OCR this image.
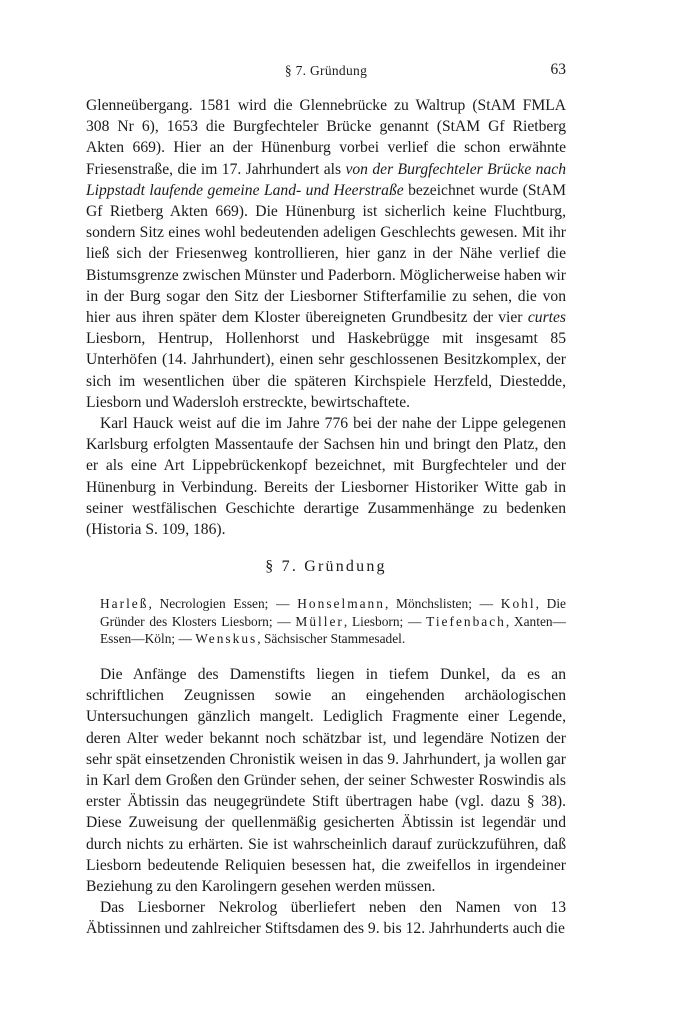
§ 7. Gründung	63

Glenneübergang. 1581 wird die Glennebrücke zu Waltrup (StAM FMLA 308 Nr 6), 1653 die Burgfechteler Brücke genannt (StAM Gf Rietberg Akten 669). Hier an der Hünenburg vorbei verlief die schon erwähnte Friesenstraße, die im 17. Jahrhundert als von der Burgfechteler Brücke nach Lippstadt laufende gemeine Land- und Heerstraße bezeichnet wurde (StAM Gf Rietberg Akten 669). Die Hünenburg ist sicherlich keine Fluchtburg, sondern Sitz eines wohl bedeutenden adeligen Geschlechts gewesen. Mit ihr ließ sich der Friesenweg kontrollieren, hier ganz in der Nähe verlief die Bistumsgrenze zwischen Münster und Paderborn. Möglicherweise haben wir in der Burg sogar den Sitz der Liesborner Stifterfamilie zu sehen, die von hier aus ihren später dem Kloster übereigneten Grundbesitz der vier curtes Liesborn, Hentrup, Hollenhorst und Haskebrügge mit insgesamt 85 Unterhöfen (14. Jahrhundert), einen sehr geschlossenen Besitzkomplex, der sich im wesentlichen über die späteren Kirchspiele Herzfeld, Diestedde, Liesborn und Wadersloh erstreckte, bewirtschaftete.

Karl Hauck weist auf die im Jahre 776 bei der nahe der Lippe gelegenen Karlsburg erfolgten Massentaufe der Sachsen hin und bringt den Platz, den er als eine Art Lippebrückenkopf bezeichnet, mit Burgfechteler und der Hünenburg in Verbindung. Bereits der Liesborner Historiker Witte gab in seiner westfälischen Geschichte derartige Zusammenhänge zu bedenken (Historia S. 109, 186).

§ 7. Gründung

Harleß, Necrologien Essen; — Honselmann, Mönchslisten; — Kohl, Die Gründer des Klosters Liesborn; — Müller, Liesborn; — Tiefenbach, Xanten—Essen—Köln; — Wenskus, Sächsischer Stammesadel.

Die Anfänge des Damenstifts liegen in tiefem Dunkel, da es an schriftlichen Zeugnissen sowie an eingehenden archäologischen Untersuchungen gänzlich mangelt. Lediglich Fragmente einer Legende, deren Alter weder bekannt noch schätzbar ist, und legendäre Notizen der sehr spät einsetzenden Chronistik weisen in das 9. Jahrhundert, ja wollen gar in Karl dem Großen den Gründer sehen, der seiner Schwester Roswindis als erster Äbtissin das neugegründete Stift übertragen habe (vgl. dazu § 38). Diese Zuweisung der quellenmäßig gesicherten Äbtissin ist legendär und durch nichts zu erhärten. Sie ist wahrscheinlich darauf zurückzuführen, daß Liesborn bedeutende Reliquien besessen hat, die zweifellos in irgendeiner Beziehung zu den Karolingern gesehen werden müssen.

Das Liesborner Nekrolog überliefert neben den Namen von 13 Äbtissinnen und zahlreicher Stiftsdamen des 9. bis 12. Jahrhunderts auch die
